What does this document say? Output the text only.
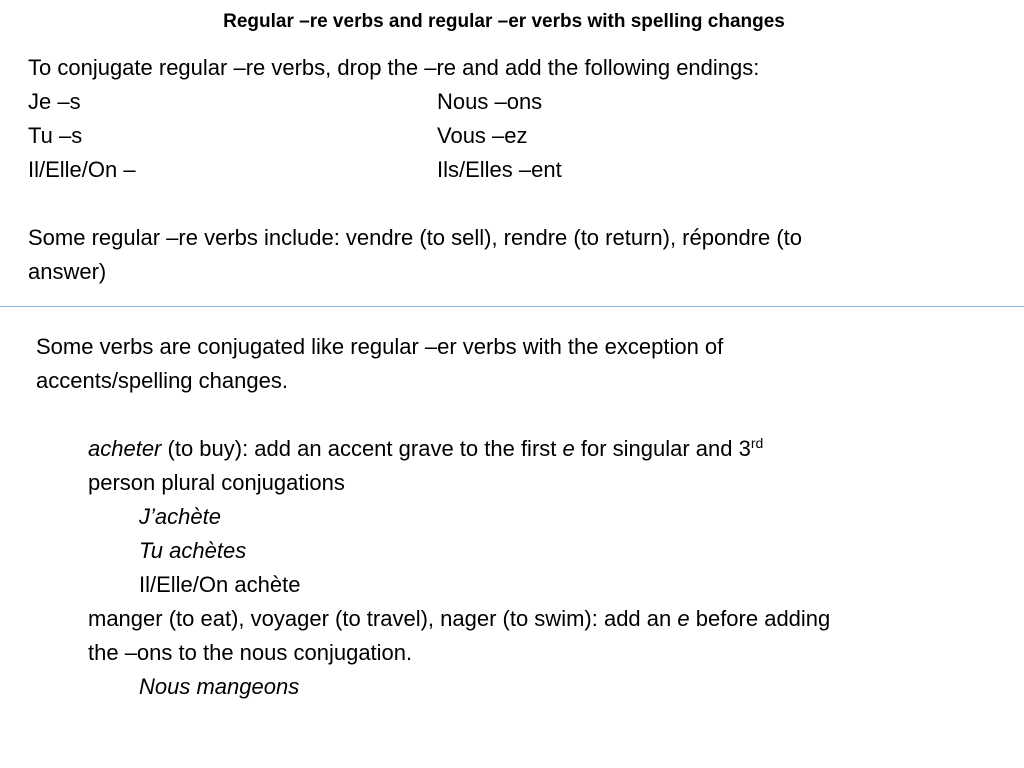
Regular –re verbs and regular –er verbs with spelling changes
To conjugate regular –re verbs, drop the –re and add the following endings:
Je –s	Nous –ons
Tu –s	Vous –ez
Il/Elle/On –	Ils/Elles –ent
Some regular –re verbs include: vendre (to sell), rendre (to return), répondre (to
answer)
Some verbs are conjugated like regular –er verbs with the exception of
accents/spelling changes.
acheter (to buy): add an accent grave to the first e for singular and 3rd
person plural conjugations
J’achète
Tu achètes
Il/Elle/On achète
manger (to eat), voyager (to travel), nager (to swim): add an e before adding
the –ons to the nous conjugation.
Nous mangeons
